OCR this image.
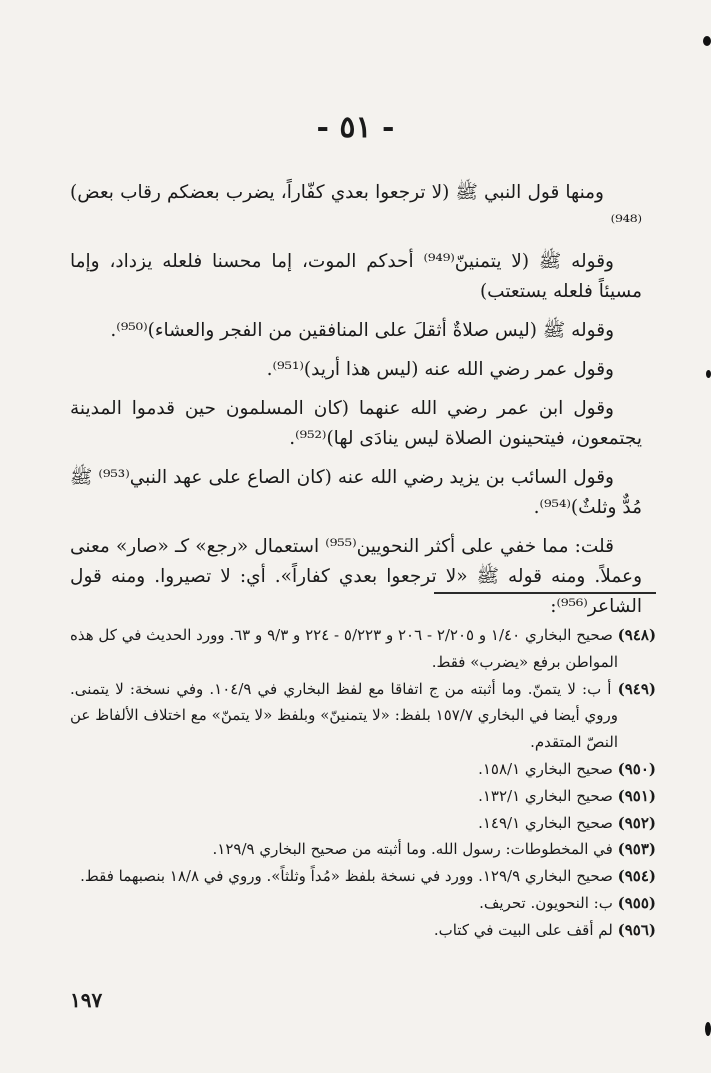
- ٥١ -

ومنها قول النبي ﷺ (لا ترجعوا بعدي كفّاراً، يضرب بعضكم رقاب بعض)⁽⁹⁴⁸⁾

وقوله ﷺ (لا يتمنينّ⁽⁹⁴⁹⁾ أحدكم الموت، إما محسنا فلعله يزداد، وإما مسيئاً فلعله يستعتب)

وقوله ﷺ (ليس صلاةٌ أثقلَ على المنافقين من الفجر والعشاء)⁽⁹⁵⁰⁾.

وقول عمر رضي الله عنه (ليس هذا أريد)⁽⁹⁵¹⁾.

وقول ابن عمر رضي الله عنهما (كان المسلمون حين قدموا المدينة يجتمعون، فيتحينون الصلاة ليس ينادَى لها)⁽⁹⁵²⁾.

وقول السائب بن يزيد رضي الله عنه (كان الصاع على عهد النبي⁽⁹⁵³⁾ ﷺ مُدٌّ وثلثٌ)⁽⁹⁵⁴⁾.

قلت: مما خفي على أكثر النحويين⁽⁹⁵⁵⁾ استعمال «رجع» كـ «صار» معنى وعملاً. ومنه قوله ﷺ «لا ترجعوا بعدي كفاراً». أي: لا تصيروا. ومنه قول الشاعر⁽⁹⁵⁶⁾:

(٩٤٨) صحيح البخاري ١/٤٠ و ٢/٢٠٥ - ٢٠٦ و ٥/٢٢٣ - ٢٢٤ و ٩/٣ و ٦٣. وورد الحديث في كل هذه المواطن برفع «يضرب» فقط.

(٩٤٩) أ ب: لا يتمنّ. وما أثبته من ج اتفاقا مع لفظ البخاري في ١٠٤/٩. وفي نسخة: لا يتمنى. وروي أيضا في البخاري ١٥٧/٧ بلفظ: «لا يتمنينّ» وبلفظ «لا يتمنّ» مع اختلاف الألفاظ عن النصّ المتقدم.

(٩٥٠) صحيح البخاري ١٥٨/١.

(٩٥١) صحيح البخاري ١٣٢/١.

(٩٥٢) صحيح البخاري ١٤٩/١.

(٩٥٣) في المخطوطات: رسول الله. وما أثبته من صحيح البخاري ١٢٩/٩.

(٩٥٤) صحيح البخاري ١٢٩/٩. وورد في نسخة بلفظ «مُداً وثلثاً». وروي في ١٨/٨ بنصبهما فقط.

(٩٥٥) ب: النحويون. تحريف.

(٩٥٦) لم أقف على البيت في كتاب.

١٩٧
